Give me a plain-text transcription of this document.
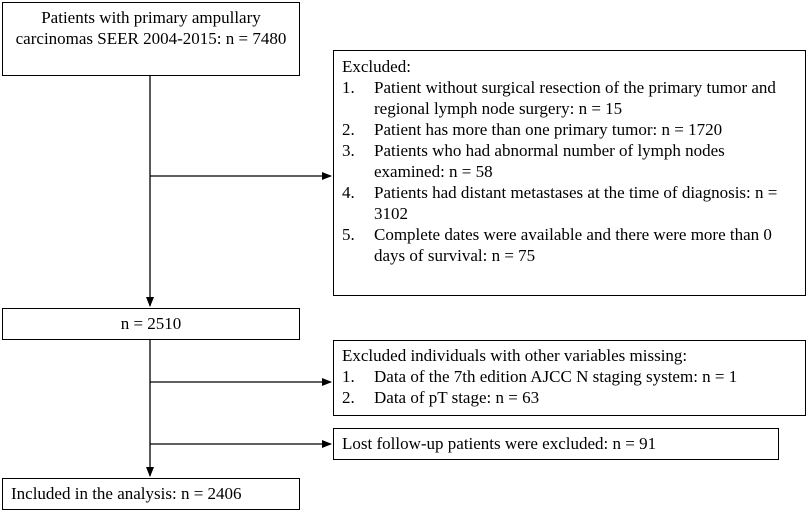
Patients with primary ampullary carcinomas SEER 2004-2015: n = 7480

Excluded:

1. Patient without surgical resection of the primary tumor and regional lymph node surgery: n = 15
2. Patient has more than one primary tumor: n = 1720
3. Patients who had abnormal number of lymph nodes examined: n = 58
4. Patients had distant metastases at the time of diagnosis: n = 3102
5. Complete dates were available and there were more than 0 days of survival: n = 75
n = 2510

Excluded individuals with other variables missing:

1. Data of the 7th edition AJCC N staging system: n = 1
2. Data of pT stage: n = 63
Lost follow-up patients were excluded: n = 91
Included in the analysis: n = 2406
